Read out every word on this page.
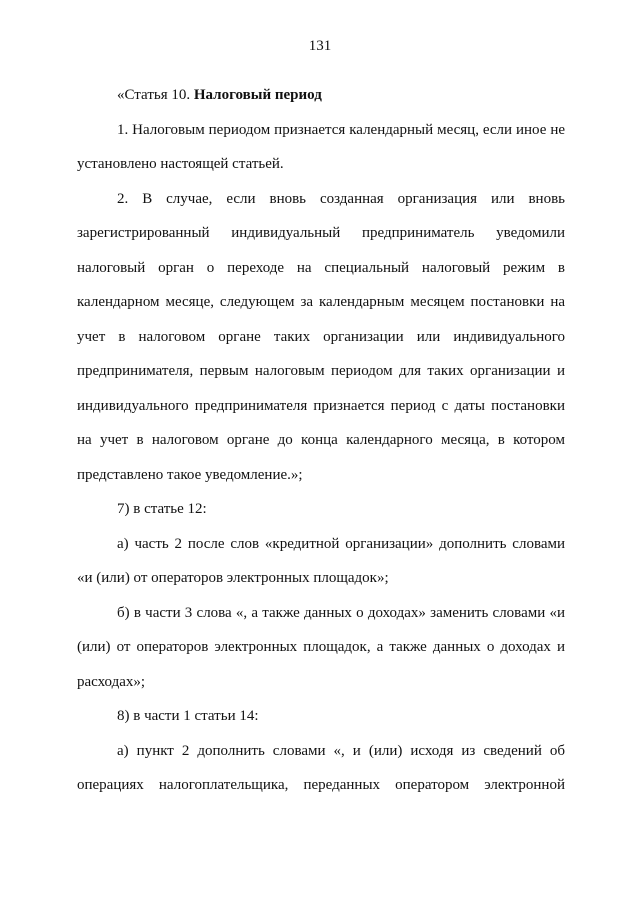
131

«Статья 10. Налоговый период

1. Налоговым периодом признается календарный месяц, если иное не установлено настоящей статьей.

2. В случае, если вновь созданная организация или вновь зарегистрированный индивидуальный предприниматель уведомили налоговый орган о переходе на специальный налоговый режим в календарном месяце, следующем за календарным месяцем постановки на учет в налоговом органе таких организации или индивидуального предпринимателя, первым налоговым периодом для таких организации и индивидуального предпринимателя признается период с даты постановки на учет в налоговом органе до конца календарного месяца, в котором представлено такое уведомление.»;

7) в статье 12:

а) часть 2 после слов «кредитной организации» дополнить словами «и (или) от операторов электронных площадок»;

б) в части 3 слова «, а также данных о доходах» заменить словами «и (или) от операторов электронных площадок, а также данных о доходах и расходах»;

8) в части 1 статьи 14:

а) пункт 2 дополнить словами «, и (или) исходя из сведений об операциях налогоплательщика, переданных оператором электронной
